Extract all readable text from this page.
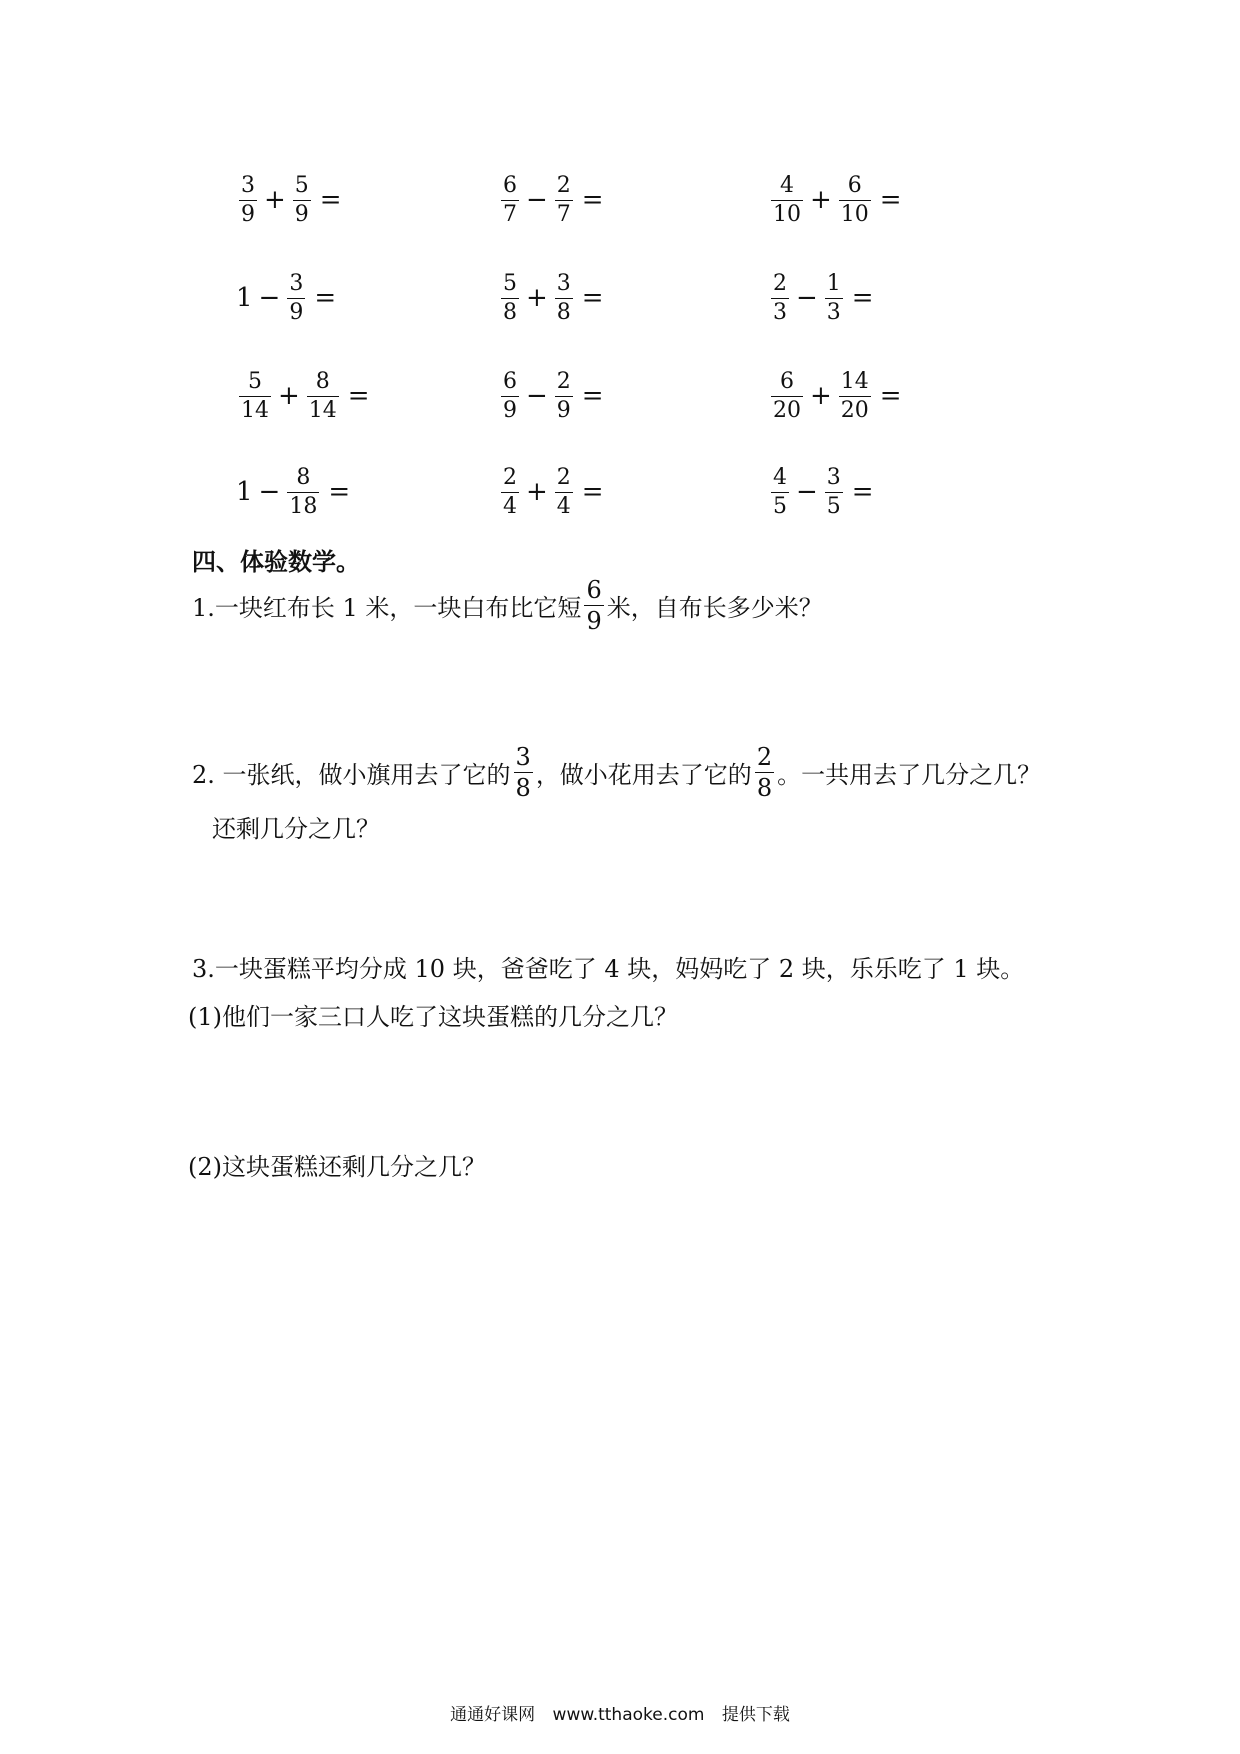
$\frac{3}{9} + \frac{5}{9}$ =	$\frac{6}{7} - \frac{2}{7}$ =	$\frac{4}{10} + \frac{6}{10}$ =
$1 - \frac{3}{9}$ =	$\frac{5}{8} + \frac{3}{8}$ =	$\frac{2}{3} - \frac{1}{3}$ =
$\frac{5}{14} + \frac{8}{14}$ =	$\frac{6}{9} - \frac{2}{9}$ =	$\frac{6}{20} + \frac{14}{20}$ =
$1 - \frac{8}{18}$ =	$\frac{2}{4} + \frac{2}{4}$ =	$\frac{4}{5} - \frac{3}{5}$ =
四、体验数学。
1.一块红布长 1 米，一块白布比它短 $\frac{6}{9}$ 米，自布长多少米？
2. 一张纸，做小旗用去了它的 $\frac{3}{8}$ ，做小花用去了它的 $\frac{2}{8}$ 。一共用去了几分之几？
还剩几分之几？
3.一块蛋糕平均分成 10 块，爸爸吃了 4 块，妈妈吃了 2 块，乐乐吃了 1 块。
(1)他们一家三口人吃了这块蛋糕的几分之几？
(2)这块蛋糕还剩几分之几？
通通好课网 www.tthaoke.com 提供下载
